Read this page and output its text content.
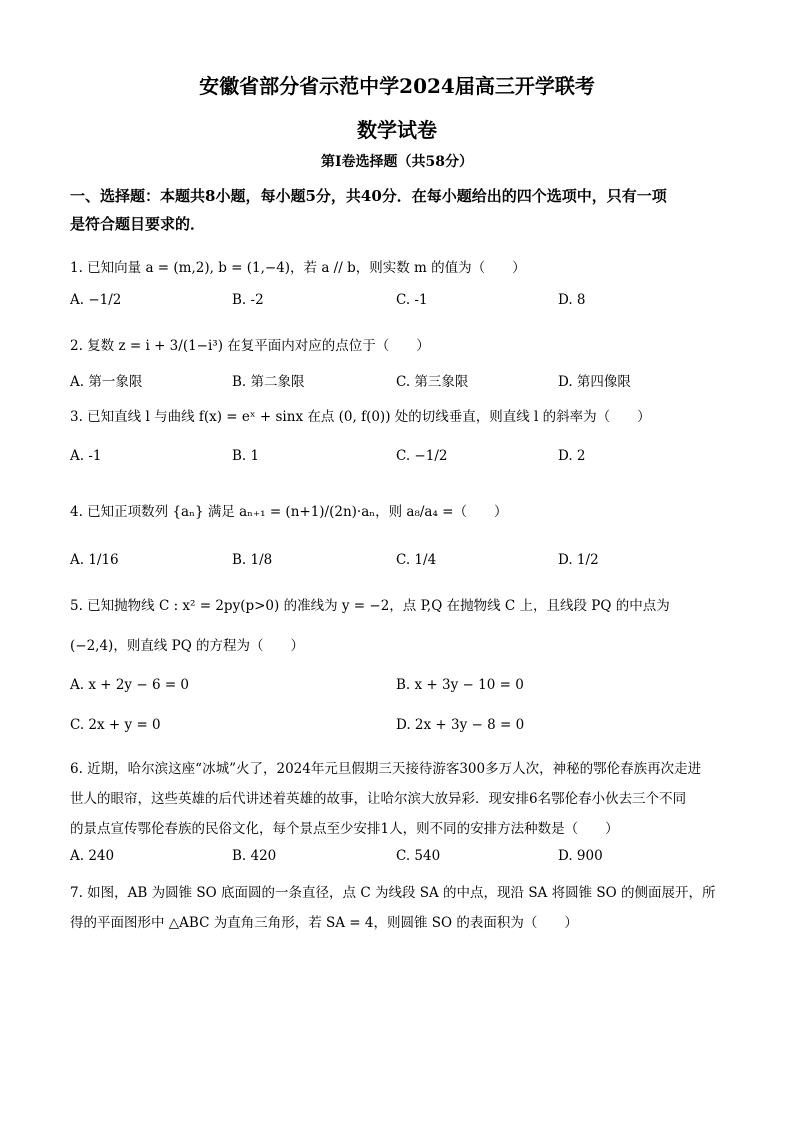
安徽省部分省示范中学2024届高三开学联考
数学试卷
第Ⅰ卷选择题（共58分）
一、选择题：本题共8小题，每小题5分，共40分．在每小题给出的四个选项中，只有一项
是符合题目要求的．
1. 已知向量 a = (m,2), b = (1,−4)，若 a // b，则实数 m 的值为（　　）
A. −1/2	B. -2	C. -1	D. 8
2. 复数 z = i + 3/(1−i³) 在复平面内对应的点位于（　　）
A. 第一象限	B. 第二象限	C. 第三象限	D. 第四像限
3. 已知直线 l 与曲线 f(x) = eˣ + sinx 在点 (0, f(0)) 处的切线垂直，则直线 l 的斜率为（　　）
A. -1	B. 1	C. −1/2	D. 2
4. 已知正项数列 {aₙ} 满足 aₙ₊₁ = (n+1)/(2n)·aₙ，则 a₈/a₄ =（　　）
A. 1/16	B. 1/8	C. 1/4	D. 1/2
5. 已知抛物线 C : x² = 2py(p>0) 的准线为 y = −2，点 P,Q 在抛物线 C 上，且线段 PQ 的中点为
(−2,4)，则直线 PQ 的方程为（　　）
A. x + 2y − 6 = 0	B. x + 3y − 10 = 0
C. 2x + y = 0	D. 2x + 3y − 8 = 0
6. 近期，哈尔滨这座“冰城”火了，2024年元旦假期三天接待游客300多万人次，神秘的鄂伦春族再次走进
世人的眼帘，这些英雄的后代讲述着英雄的故事，让哈尔滨大放异彩．现安排6名鄂伦春小伙去三个不同
的景点宣传鄂伦春族的民俗文化，每个景点至少安排1人，则不同的安排方法种数是（　　）
A. 240	B. 420	C. 540	D. 900
7. 如图，AB 为圆锥 SO 底面圆的一条直径，点 C 为线段 SA 的中点，现沿 SA 将圆锥 SO 的侧面展开，所
得的平面图形中 △ABC 为直角三角形，若 SA = 4，则圆锥 SO 的表面积为（　　）
